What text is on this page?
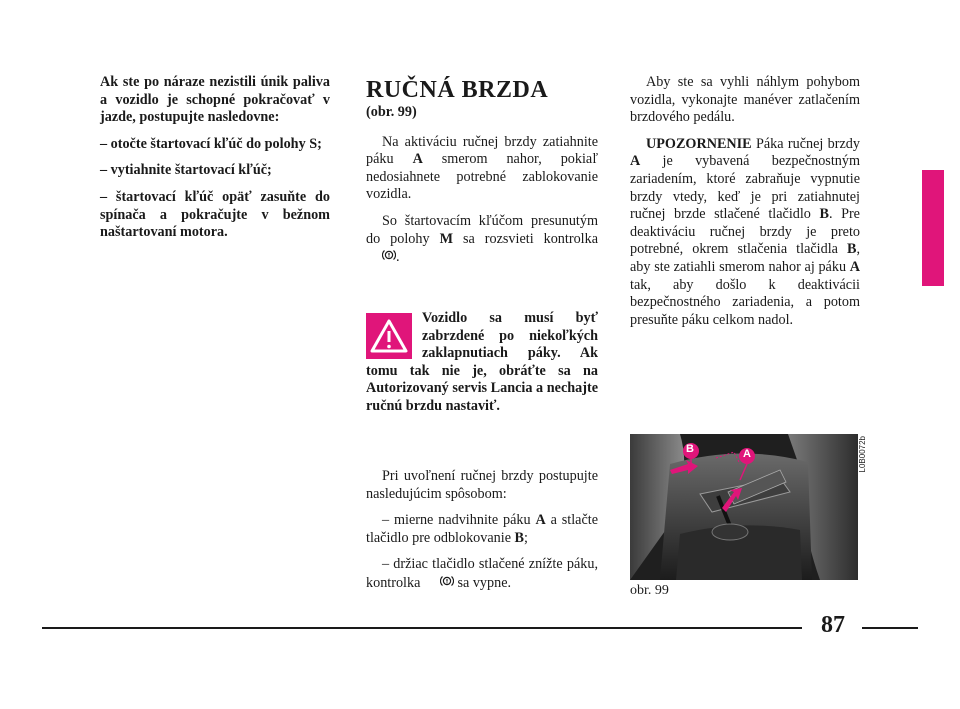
Ak ste po náraze nezistili únik paliva a vozidlo je schopné pokračovať v jazde, postupujte nasledovne:

– otočte štartovací kľúč do polohy S;

– vytiahnite štartovací kľúč;

– štartovací kľúč opäť zasuňte do spínača a pokračujte v bežnom naštartovaní motora.

RUČNÁ BRZDA
(obr. 99)

Na aktiváciu ručnej brzdy zatiahnite páku A smerom nahor, pokiaľ nedosiahnete potrebné zablokovanie vozidla.

So štartovacím kľúčom presunutým do polohy M sa rozsvieti kontrolka .

Vozidlo sa musí byť zabrzdené po niekoľkých zaklapnutiach páky. Ak tomu tak nie je, obráťte sa na Autorizovaný servis Lancia a nechajte ručnú brzdu nastaviť.

Pri uvoľnení ručnej brzdy postupujte nasledujúcim spôsobom:

– mierne nadvihnite páku A a stlačte tlačidlo pre odblokovanie B;

– držiac tlačidlo stlačené znížte páku, kontrolka  sa vypne.

Aby ste sa vyhli náhlym pohybom vozidla, vykonajte manéver zatlačením brzdového pedálu.

UPOZORNENIE Páka ručnej brzdy A je vybavená bezpečnostným zariadením, ktoré zabraňuje vypnutie brzdy vtedy, keď je pri zatiahnutej ručnej brzde stlačené tlačidlo B. Pre deaktiváciu ručnej brzdy je preto potrebné, okrem stlačenia tlačidla B, aby ste zatiahli smerom nahor aj páku A tak, aby došlo k deaktivácii bezpečnostného zariadenia, a potom presuňte páku celkom nadol.

B	A	L0B0072b
obr. 99
87
